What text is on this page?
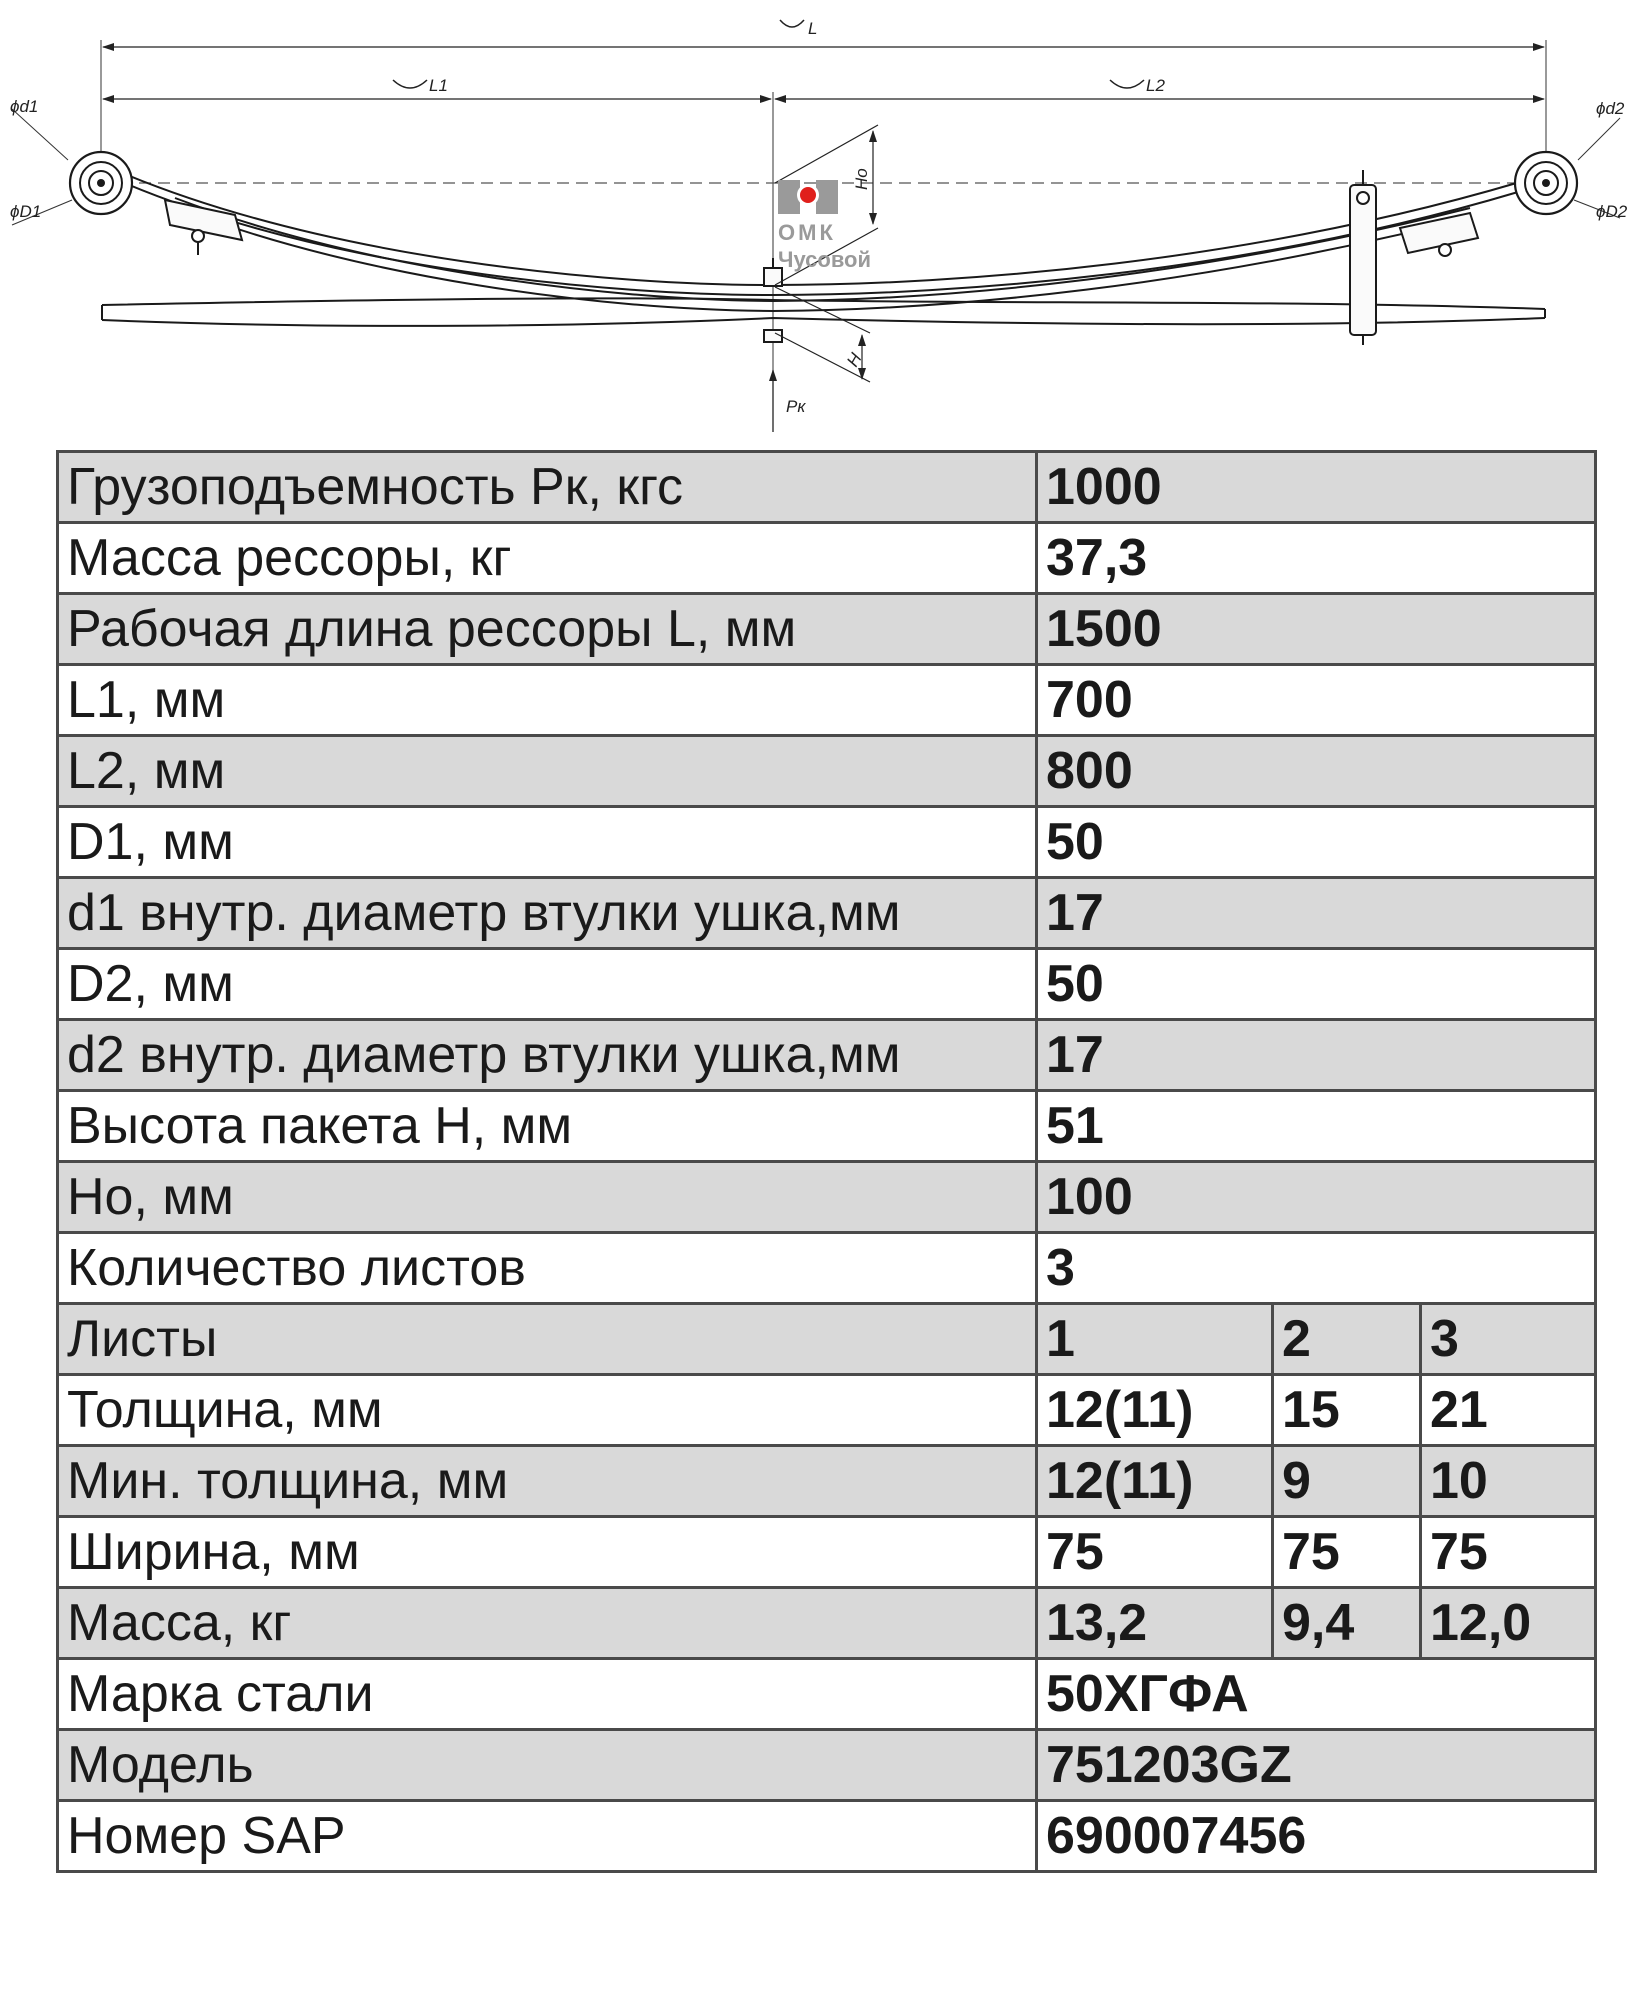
L
L1	L2
ϕd1
ϕD1
ϕd2
ϕD2
Ho
H
Pк
ОМК
Чусовой
Грузоподъемность Рк, кгс	1000		
Масса рессоры, кг	37,3		
Рабочая длина рессоры L, мм	1500		
L1, мм	700		
L2, мм	800		
D1, мм	50		
d1 внутр. диаметр втулки ушка,мм	17		
D2, мм	50		
d2 внутр. диаметр втулки ушка,мм	17		
Высота пакета H, мм	51		
Ho, мм	100		
Количество листов	3		
Листы	1	2	3
Толщина, мм	12(11)	15	21
Мин. толщина, мм	12(11)	9	10
Ширина, мм	75	75	75
Масса, кг	13,2	9,4	12,0
Марка стали	50ХГФА		
Модель	751203GZ		
Номер SAP	690007456		
